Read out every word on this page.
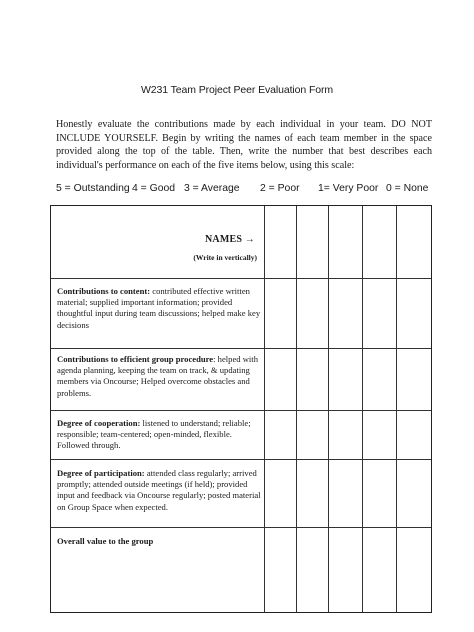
W231 Team Project Peer Evaluation Form
Honestly evaluate the contributions made by each individual in your team. DO NOT INCLUDE YOURSELF. Begin by writing the names of each team member in the space provided along the top of the table. Then, write the number that best describes each individual's performance on each of the five items below, using this scale:
5 = Outstanding 4 = Good 3 = Average 2 = Poor 1= Very Poor 0 = None
NAMES →
(Write in vertically)
Contributions to content: contributed effective written material; supplied important information; provided thoughtful input during team discussions; helped make key decisions
Contributions to efficient group procedure: helped with agenda planning, keeping the team on track, & updating members via Oncourse; Helped overcome obstacles and problems.
Degree of cooperation: listened to understand; reliable; responsible; team-centered; open-minded, flexible. Followed through.
Degree of participation: attended class regularly; arrived promptly; attended outside meetings (if held); provided input and feedback via Oncourse regularly; posted material on Group Space when expected.
Overall value to the group
